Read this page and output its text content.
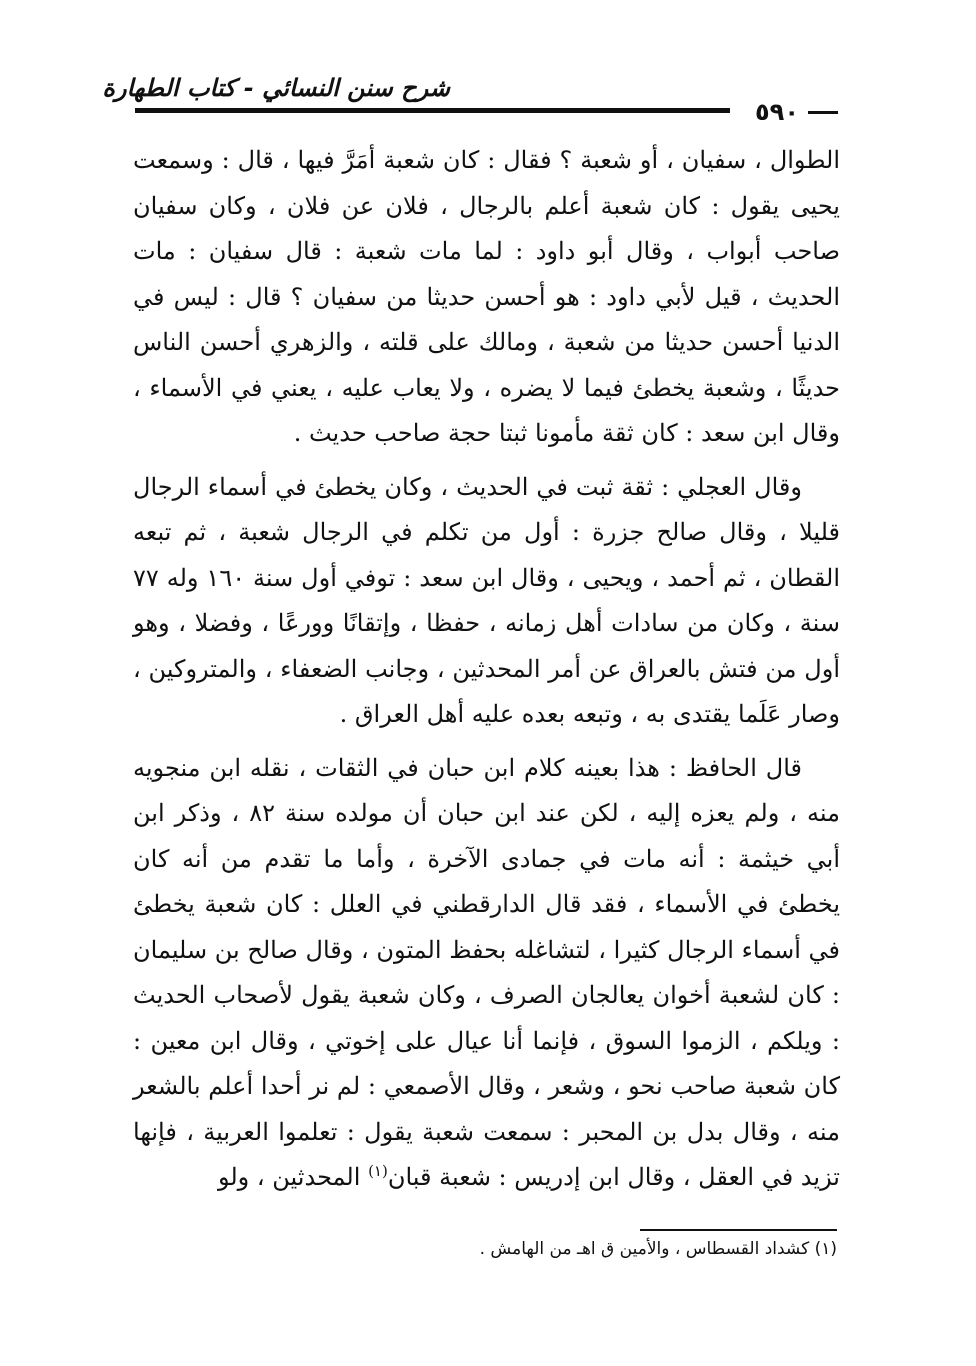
شرح سنن النسائي - كتاب الطهارة
٥٩٠

الطوال ، سفيان ، أو شعبة ؟ فقال : كان شعبة أمَرَّ فيها ، قال : وسمعت يحيى يقول : كان شعبة أعلم بالرجال ، فلان عن فلان ، وكان سفيان صاحب أبواب ، وقال أبو داود : لما مات شعبة : قال سفيان : مات الحديث ، قيل لأبي داود : هو أحسن حديثا من سفيان ؟ قال : ليس في الدنيا أحسن حديثا من شعبة ، ومالك على قلته ، والزهري أحسن الناس حديثًا ، وشعبة يخطئ فيما لا يضره ، ولا يعاب عليه ، يعني في الأسماء ، وقال ابن سعد : كان ثقة مأمونا ثبتا حجة صاحب حديث .

وقال العجلي : ثقة ثبت في الحديث ، وكان يخطئ في أسماء الرجال قليلا ، وقال صالح جزرة : أول من تكلم في الرجال شعبة ، ثم تبعه القطان ، ثم أحمد ، ويحيى ، وقال ابن سعد : توفي أول سنة ١٦٠ وله ٧٧ سنة ، وكان من سادات أهل زمانه ، حفظا ، وإتقانًا وورعًا ، وفضلا ، وهو أول من فتش بالعراق عن أمر المحدثين ، وجانب الضعفاء ، والمتروكين ، وصار عَلَما يقتدى به ، وتبعه بعده عليه أهل العراق .

قال الحافظ : هذا بعينه كلام ابن حبان في الثقات ، نقله ابن منجويه منه ، ولم يعزه إليه ، لكن عند ابن حبان أن مولده سنة ٨٢ ، وذكر ابن أبي خيثمة : أنه مات في جمادى الآخرة ، وأما ما تقدم من أنه كان يخطئ في الأسماء ، فقد قال الدارقطني في العلل : كان شعبة يخطئ في أسماء الرجال كثيرا ، لتشاغله بحفظ المتون ، وقال صالح بن سليمان : كان لشعبة أخوان يعالجان الصرف ، وكان شعبة يقول لأصحاب الحديث : ويلكم ، الزموا السوق ، فإنما أنا عيال على إخوتي ، وقال ابن معين : كان شعبة صاحب نحو ، وشعر ، وقال الأصمعي : لم نر أحدا أعلم بالشعر منه ، وقال بدل بن المحبر : سمعت شعبة يقول : تعلموا العربية ، فإنها تزيد في العقل ، وقال ابن إدريس : شعبة قبان$^{(١)}$ المحدثين ، ولو

(١) كشداد القسطاس ، والأمين ق اهـ من الهامش .
